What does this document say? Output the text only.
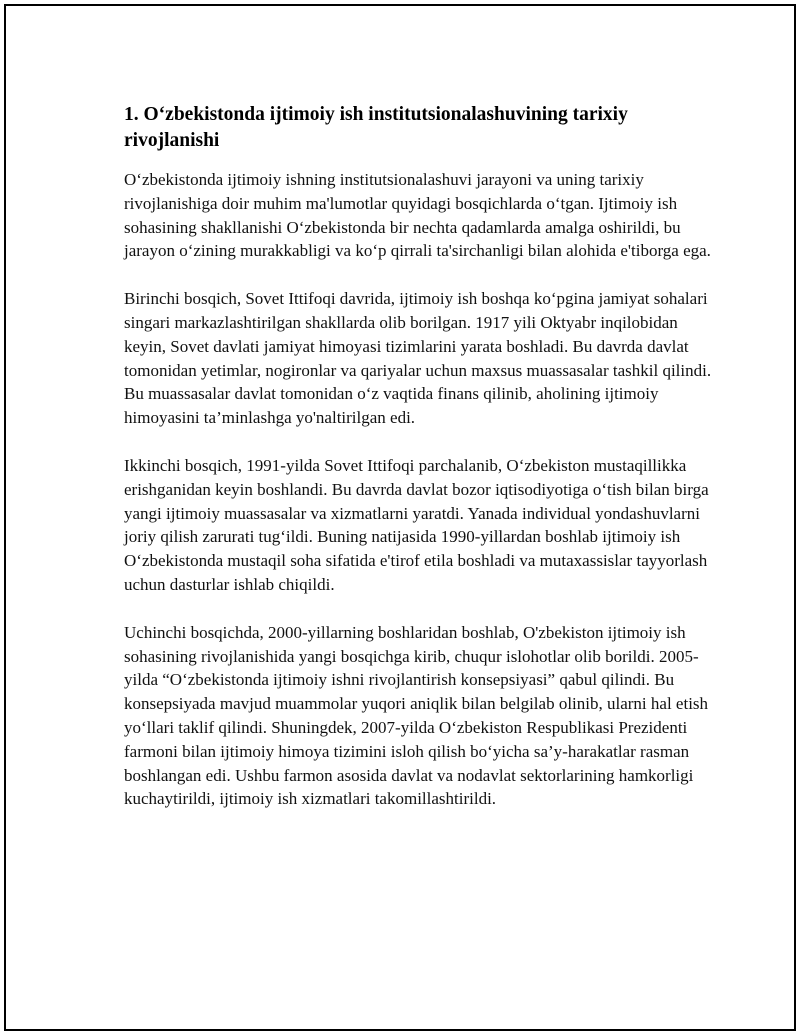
1. O‘zbekistonda ijtimoiy ish institutsionalashuvining tarixiy rivojlanishi

O‘zbekistonda ijtimoiy ishning institutsionalashuvi jarayoni va uning tarixiy rivojlanishiga doir muhim ma'lumotlar quyidagi bosqichlarda o‘tgan. Ijtimoiy ish sohasining shakllanishi O‘zbekistonda bir nechta qadamlarda amalga oshirildi, bu jarayon o‘zining murakkabligi va ko‘p qirrali ta'sirchanligi bilan alohida e'tiborga ega.

Birinchi bosqich, Sovet Ittifoqi davrida, ijtimoiy ish boshqa ko‘pgina jamiyat sohalari singari markazlashtirilgan shakllarda olib borilgan. 1917 yili Oktyabr inqilobidan keyin, Sovet davlati jamiyat himoyasi tizimlarini yarata boshladi. Bu davrda davlat tomonidan yetimlar, nogironlar va qariyalar uchun maxsus muassasalar tashkil qilindi. Bu muassasalar davlat tomonidan o‘z vaqtida finans qilinib, aholining ijtimoiy himoyasini ta’minlashga yo'naltirilgan edi.

Ikkinchi bosqich, 1991-yilda Sovet Ittifoqi parchalanib, O‘zbekiston mustaqillikka erishganidan keyin boshlandi. Bu davrda davlat bozor iqtisodiyotiga o‘tish bilan birga yangi ijtimoiy muassasalar va xizmatlarni yaratdi. Yanada individual yondashuvlarni joriy qilish zarurati tug‘ildi. Buning natijasida 1990-yillardan boshlab ijtimoiy ish O‘zbekistonda mustaqil soha sifatida e'tirof etila boshladi va mutaxassislar tayyorlash uchun dasturlar ishlab chiqildi.

Uchinchi bosqichda, 2000-yillarning boshlaridan boshlab, O'zbekiston ijtimoiy ish sohasining rivojlanishida yangi bosqichga kirib, chuqur islohotlar olib borildi. 2005-yilda “O‘zbekistonda ijtimoiy ishni rivojlantirish konsepsiyasi” qabul qilindi. Bu konsepsiyada mavjud muammolar yuqori aniqlik bilan belgilab olinib, ularni hal etish yo‘llari taklif qilindi. Shuningdek, 2007-yilda O‘zbekiston Respublikasi Prezidenti farmoni bilan ijtimoiy himoya tizimini isloh qilish bo‘yicha sa’y-harakatlar rasman boshlangan edi. Ushbu farmon asosida davlat va nodavlat sektorlarining hamkorligi kuchaytirildi, ijtimoiy ish xizmatlari takomillashtirildi.
